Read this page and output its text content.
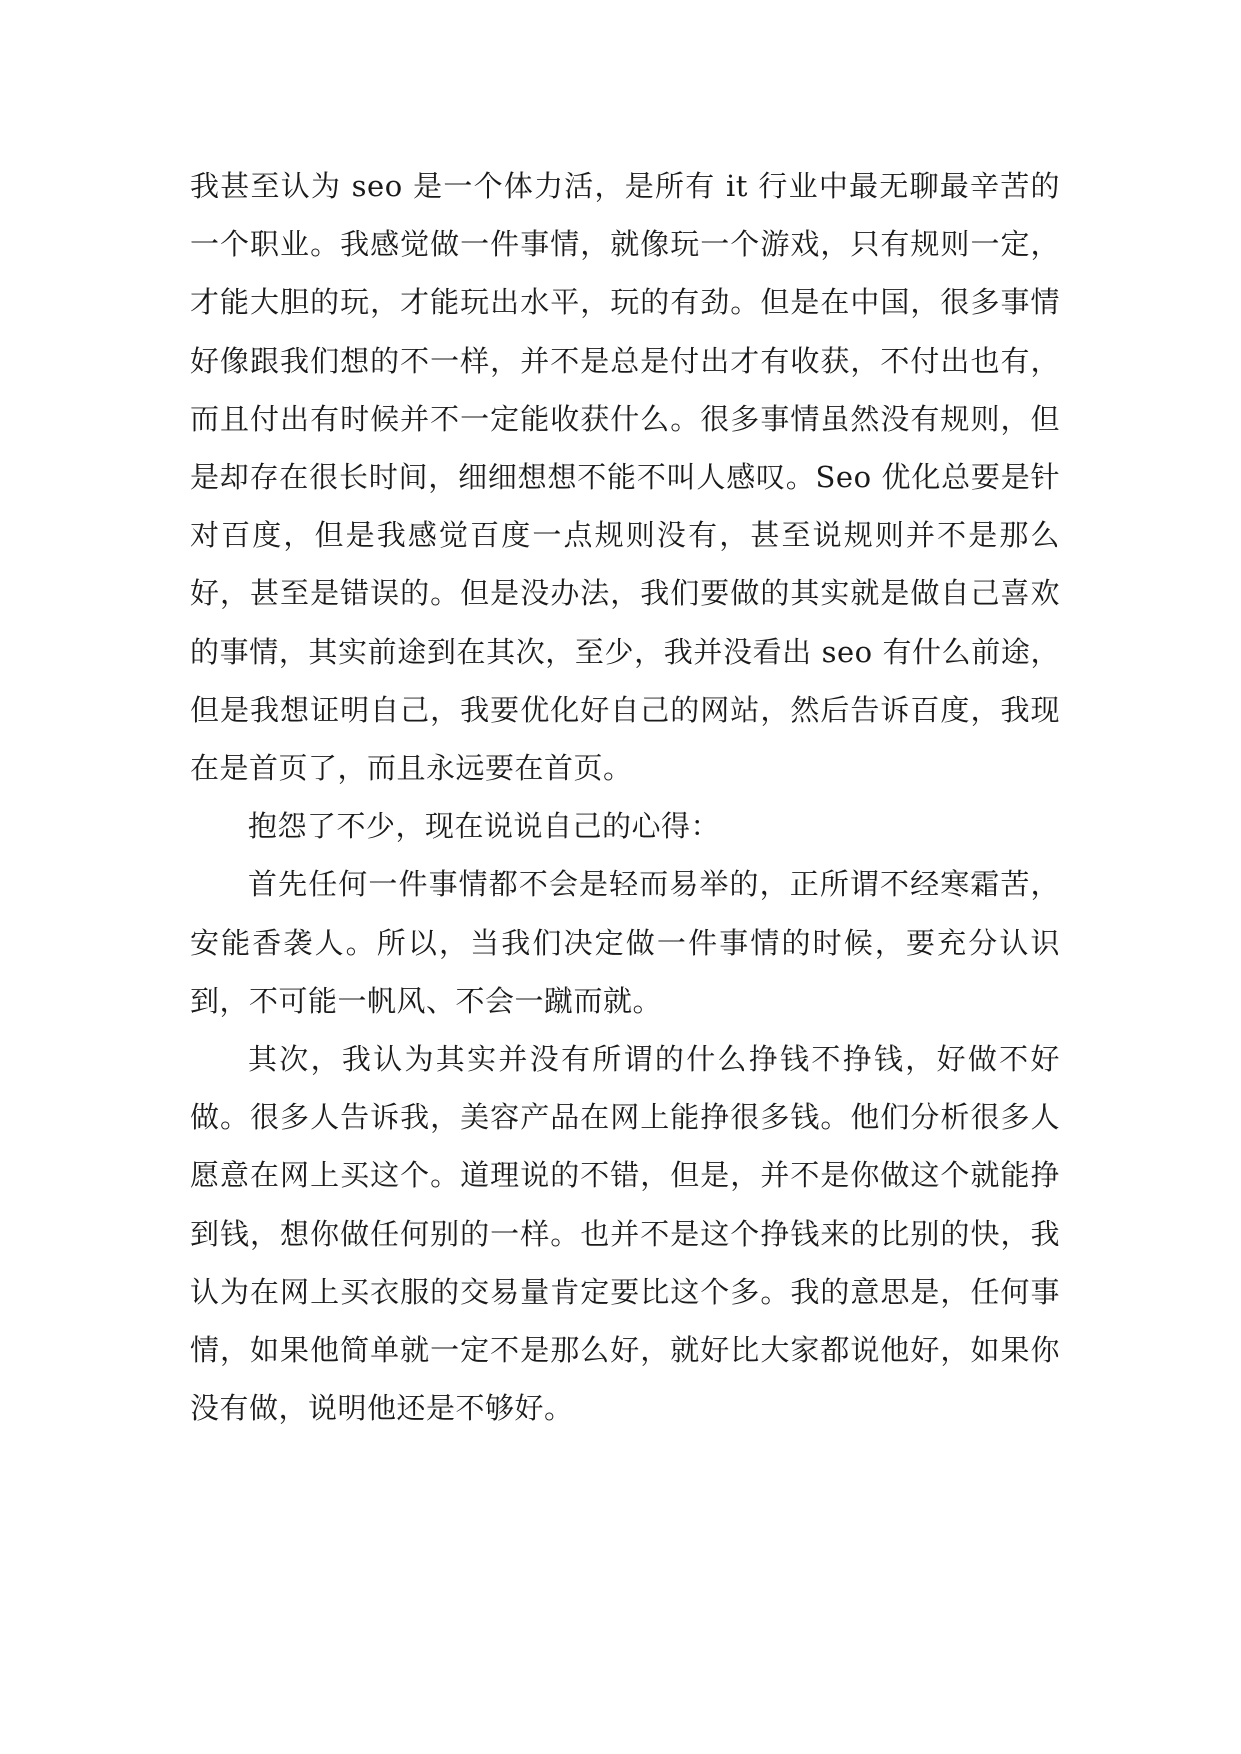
我甚至认为 seo 是一个体力活，是所有 it 行业中最无聊最辛苦的一个职业。我感觉做一件事情，就像玩一个游戏，只有规则一定，才能大胆的玩，才能玩出水平，玩的有劲。但是在中国，很多事情好像跟我们想的不一样，并不是总是付出才有收获，不付出也有，而且付出有时候并不一定能收获什么。很多事情虽然没有规则，但是却存在很长时间，细细想想不能不叫人感叹。Seo 优化总要是针对百度，但是我感觉百度一点规则没有，甚至说规则并不是那么好，甚至是错误的。但是没办法，我们要做的其实就是做自己喜欢的事情，其实前途到在其次，至少，我并没看出 seo 有什么前途，但是我想证明自己，我要优化好自己的网站，然后告诉百度，我现在是首页了，而且永远要在首页。

抱怨了不少，现在说说自己的心得：

首先任何一件事情都不会是轻而易举的，正所谓不经寒霜苦，安能香袭人。所以，当我们决定做一件事情的时候，要充分认识到，不可能一帆风、不会一蹴而就。

其次，我认为其实并没有所谓的什么挣钱不挣钱，好做不好做。很多人告诉我，美容产品在网上能挣很多钱。他们分析很多人愿意在网上买这个。道理说的不错，但是，并不是你做这个就能挣到钱，想你做任何别的一样。也并不是这个挣钱来的比别的快，我认为在网上买衣服的交易量肯定要比这个多。我的意思是，任何事情，如果他简单就一定不是那么好，就好比大家都说他好，如果你没有做，说明他还是不够好。
